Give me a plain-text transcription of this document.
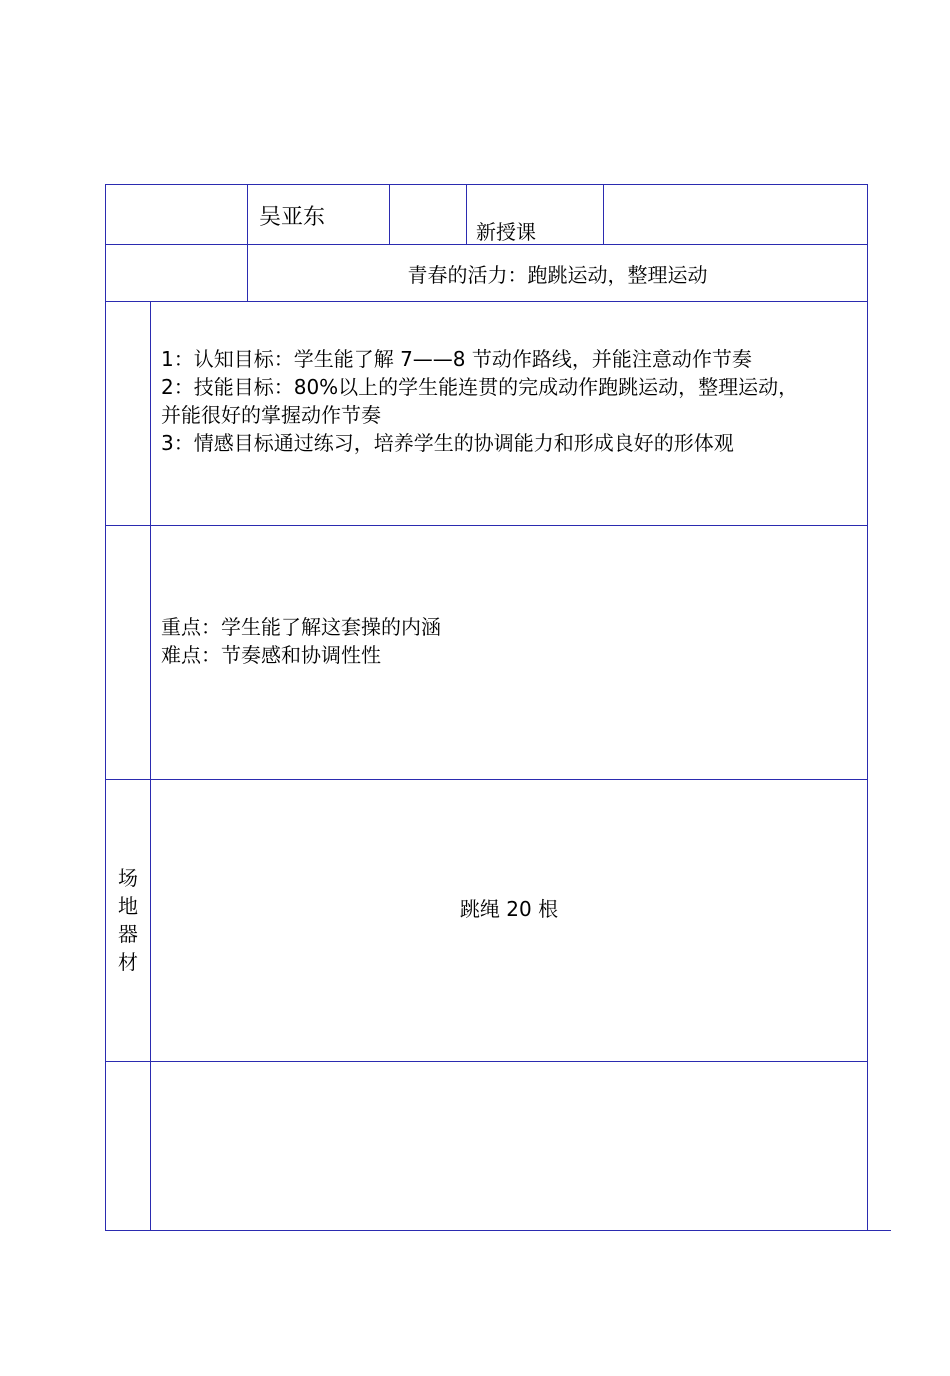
吴亚东
新授课
青春的活力：跑跳运动，整理运动
1：认知目标：学生能了解 7——8 节动作路线，并能注意动作节奏
2：技能目标：80%以上的学生能连贯的完成动作跑跳运动，整理运动，
并能很好的掌握动作节奏
3：情感目标通过练习，培养学生的协调能力和形成良好的形体观
重点：学生能了解这套操的内涵
难点：节奏感和协调性性
场
地
器
材
跳绳 20 根
